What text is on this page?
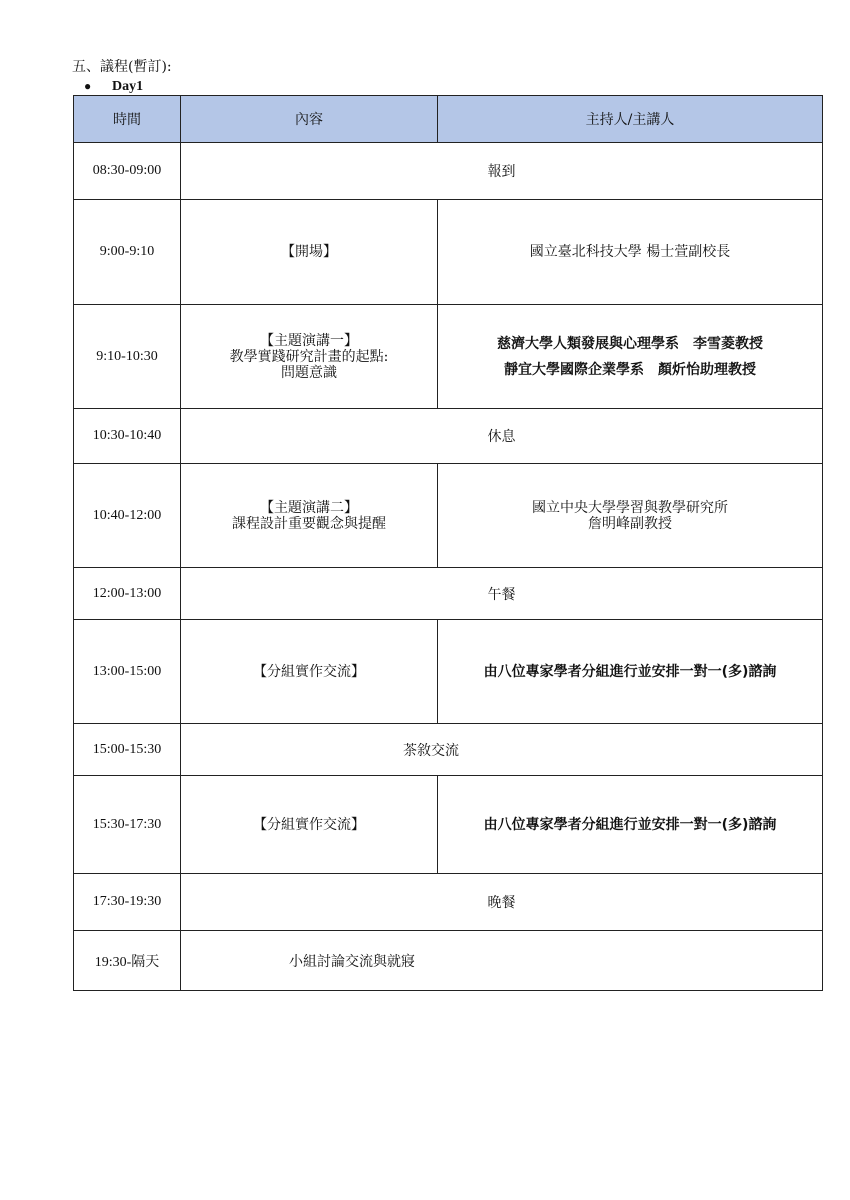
五、議程(暫訂):
● Day1
時間	內容	主持人/主講人
08:30-09:00	報到	
9:00-9:10	【開場】	國立臺北科技大學 楊士萱副校長

9:10-10:30	【主題演講一】
教學實踐研究計畫的起點:
問題意識	慈濟大學人類發展與心理學系　李雪菱教授
靜宜大學國際企業學系　顏炘怡助理教授

10:30-10:40	休息	
10:40-12:00	【主題演講二】
課程設計重要觀念與提醒	國立中央大學學習與教學研究所
詹明峰副教授

12:00-13:00	午餐	
13:00-15:00	【分組實作交流】	由八位專家學者分組進行並安排一對一(多)諮詢
15:00-15:30	茶敘交流	
15:30-17:30	【分組實作交流】	由八位專家學者分組進行並安排一對一(多)諮詢
17:30-19:30	晚餐	
19:30-隔天	小組討論交流與就寢	
